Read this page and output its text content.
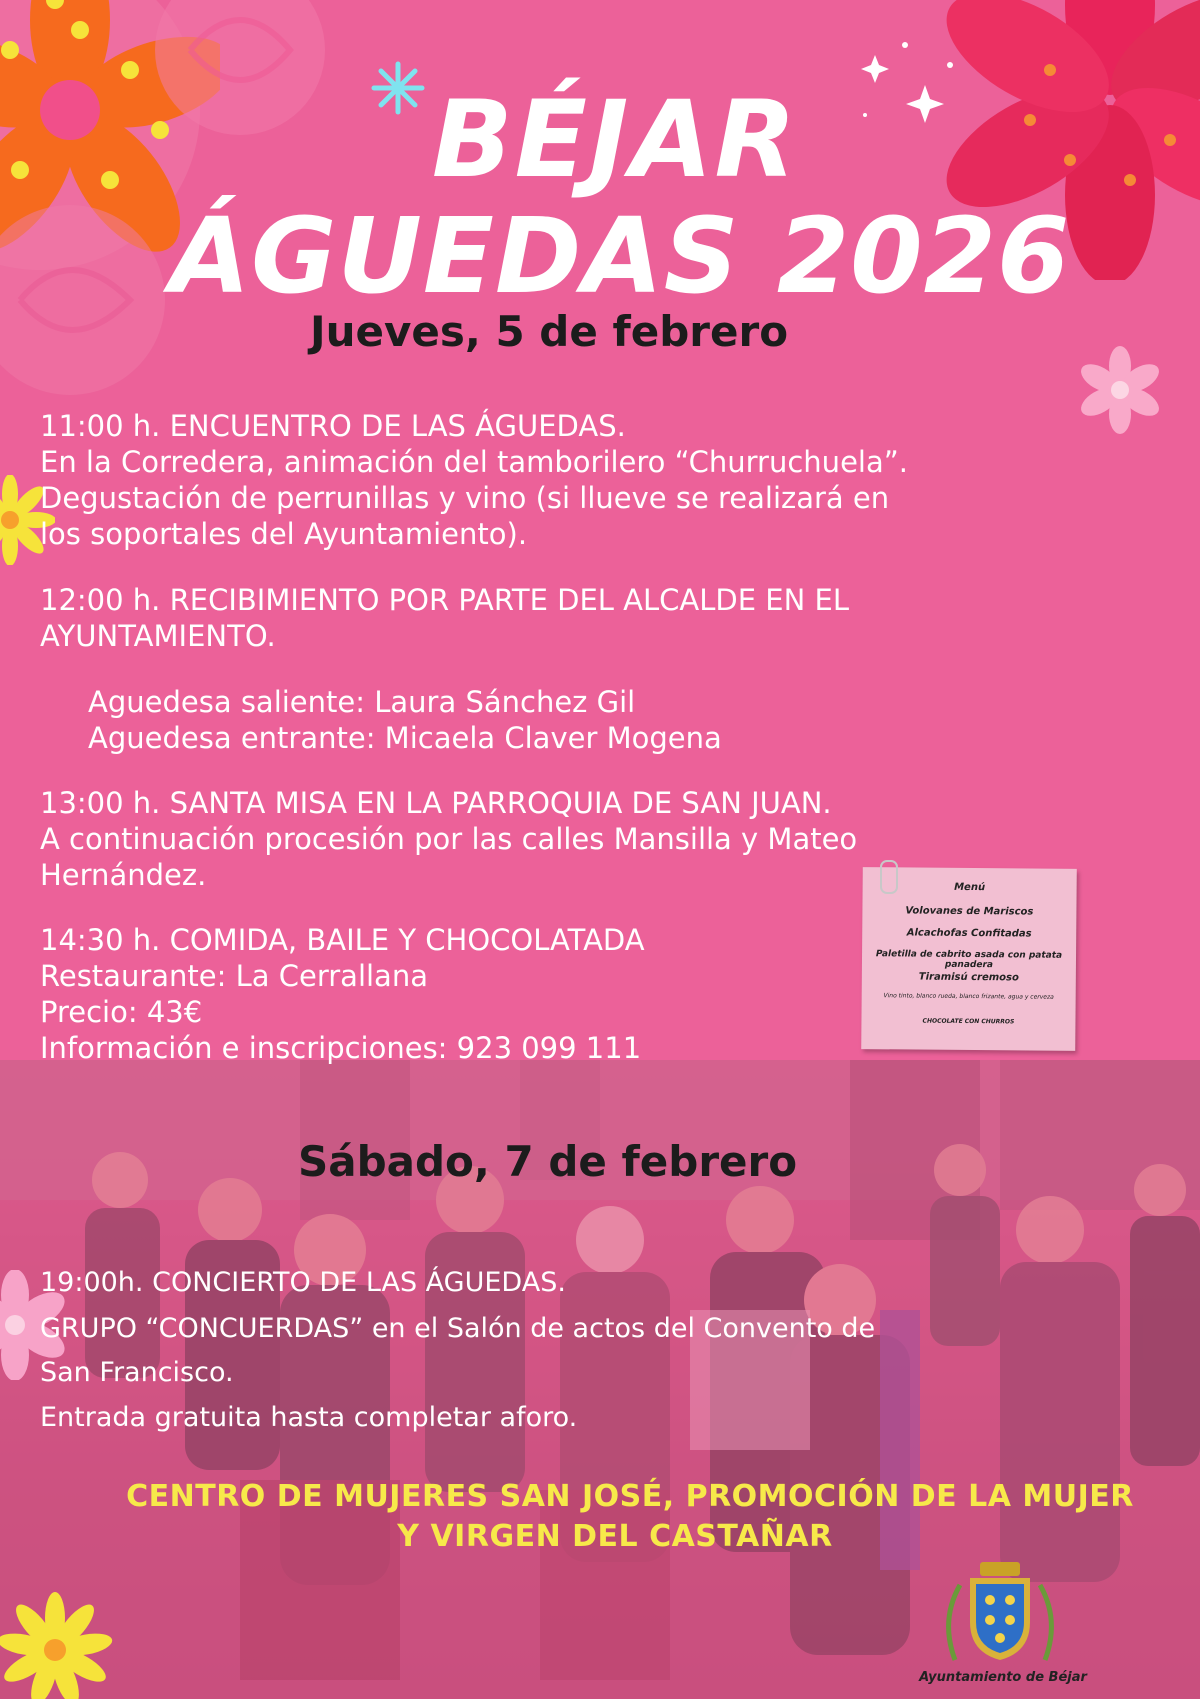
BÉJAR
ÁGUEDAS 2026
Jueves, 5 de febrero
11:00 h. ENCUENTRO DE LAS ÁGUEDAS.
En la Corredera, animación del tamborilero “Churruchuela”.
Degustación de perrunillas y vino (si llueve se realizará en
los soportales del Ayuntamiento).
12:00 h. RECIBIMIENTO POR PARTE DEL ALCALDE EN EL
AYUNTAMIENTO.
Aguedesa saliente: Laura Sánchez Gil
Aguedesa entrante: Micaela Claver Mogena
13:00 h. SANTA MISA EN LA PARROQUIA DE SAN JUAN.
A continuación procesión por las calles Mansilla y Mateo
Hernández.
14:30 h. COMIDA, BAILE Y CHOCOLATADA
Restaurante: La Cerrallana
Precio: 43€
Información e inscripciones: 923 099 111
Menú
Volovanes de Mariscos
Alcachofas Confitadas
Paletilla de cabrito asada con patata panadera
Tiramisú cremoso
Vino tinto, blanco rueda, blanco frizante, agua y cerveza
CHOCOLATE CON CHURROS
Sábado, 7 de febrero
19:00h. CONCIERTO DE LAS ÁGUEDAS.
GRUPO “CONCUERDAS” en el Salón de actos del Convento de
San Francisco.
Entrada gratuita hasta completar aforo.
CENTRO DE MUJERES SAN JOSÉ, PROMOCIÓN DE LA MUJER
Y VIRGEN DEL CASTAÑAR
Ayuntamiento de Béjar
